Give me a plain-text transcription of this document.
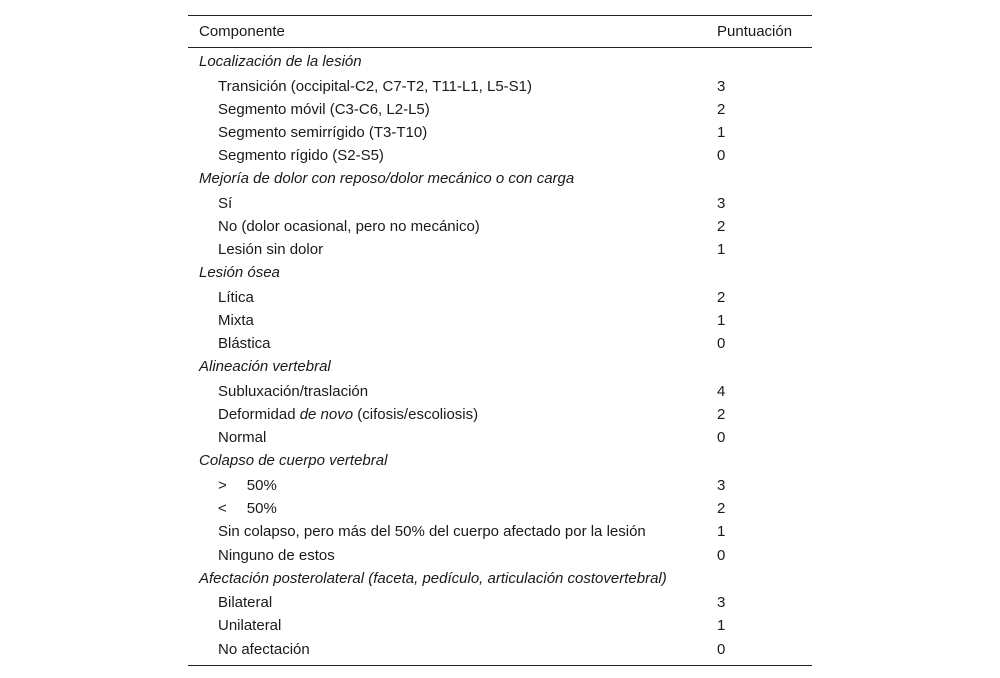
Componente	Puntuación
Localización de la lesión
Transición (occipital-C2, C7-T2, T11-L1, L5-S1)	3
Segmento móvil (C3-C6, L2-L5)	2
Segmento semirrígido (T3-T10)	1
Segmento rígido (S2-S5)	0
Mejoría de dolor con reposo/dolor mecánico o con carga
Sí	3
No (dolor ocasional, pero no mecánico)	2
Lesión sin dolor	1
Lesión ósea
Lítica	2
Mixta	1
Blástica	0
Alineación vertebral
Subluxación/traslación	4
Deformidad de novo (cifosis/escoliosis)	2
Normal	0
Colapso de cuerpo vertebral
> 50%	3
< 50%	2
Sin colapso, pero más del 50% del cuerpo afectado por la lesión	1
Ninguno de estos	0
Afectación posterolateral (faceta, pedículo, articulación costovertebral)
Bilateral	3
Unilateral	1
No afectación	0
